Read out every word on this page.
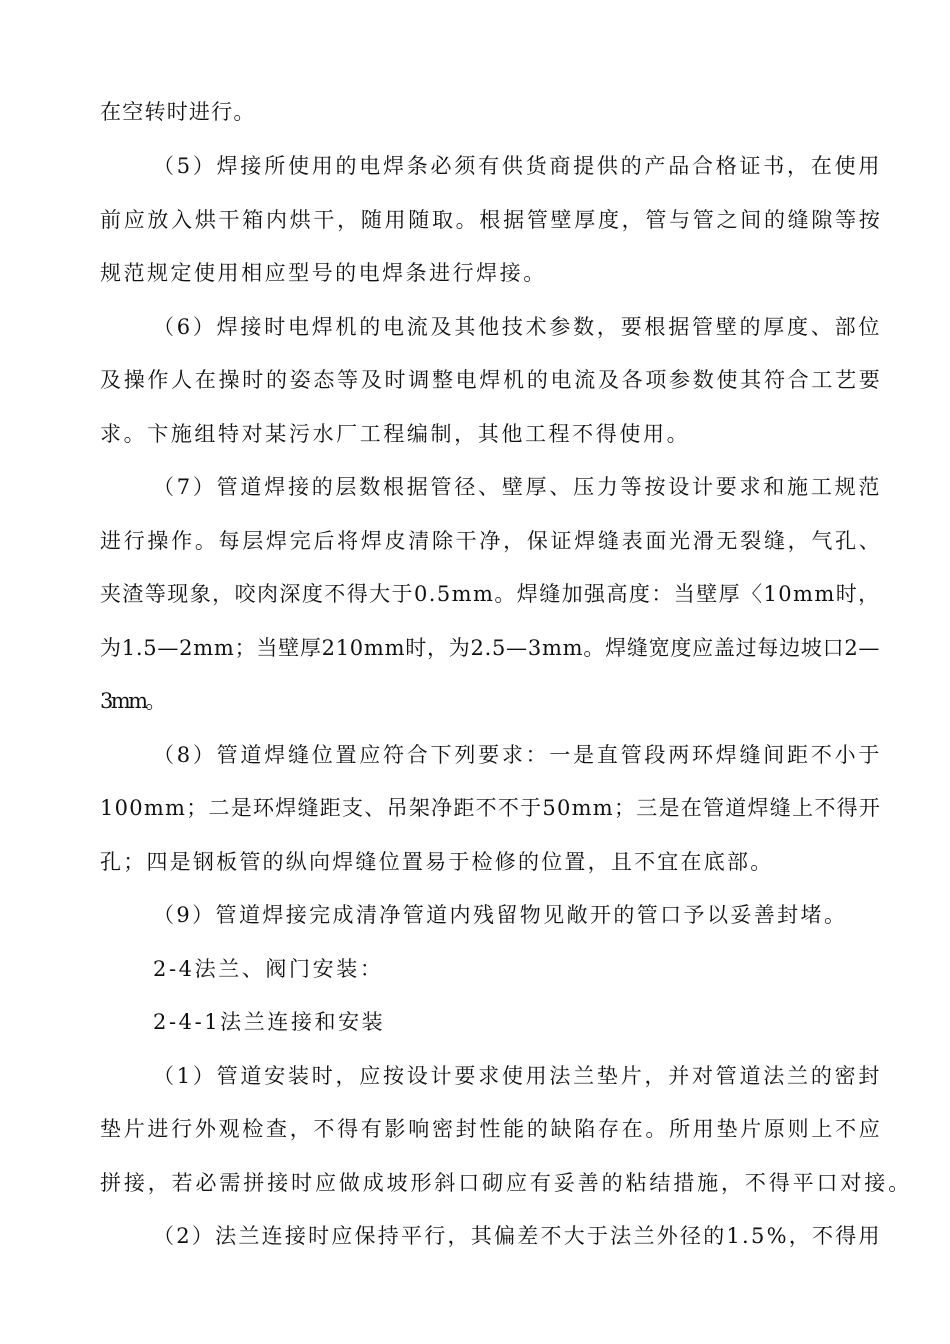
在空转时进行。
（5）焊接所使用的电焊条必须有供货商提供的产品合格证书，在使用
前应放入烘干箱内烘干，随用随取。根据管壁厚度，管与管之间的缝隙等按
规范规定使用相应型号的电焊条进行焊接。
（6）焊接时电焊机的电流及其他技术参数，要根据管壁的厚度、部位
及操作人在操时的姿态等及时调整电焊机的电流及各项参数使其符合工艺要
求。卞施组特对某污水厂工程编制，其他工程不得使用。
（7）管道焊接的层数根据管径、壁厚、压力等按设计要求和施工规范
进行操作。每层焊完后将焊皮清除干净，保证焊缝表面光滑无裂缝，气孔、
夹渣等现象，咬肉深度不得大于0.5mm。焊缝加强高度：当壁厚〈10mm时，
为1.5—2mm；当壁厚210mm时，为2.5—3mm。焊缝宽度应盖过每边坡口2—
3mm。
（8）管道焊缝位置应符合下列要求：一是直管段两环焊缝间距不小于
100mm；二是环焊缝距支、吊架净距不不于50mm；三是在管道焊缝上不得开
孔；四是钢板管的纵向焊缝位置易于检修的位置，且不宜在底部。
（9）管道焊接完成清净管道内残留物见敞开的管口予以妥善封堵。
2-4法兰、阀门安装：
2-4-1法兰连接和安装
（1）管道安装时，应按设计要求使用法兰垫片，并对管道法兰的密封
垫片进行外观检查，不得有影响密封性能的缺陷存在。所用垫片原则上不应
拼接，若必需拼接时应做成坡形斜口砌应有妥善的粘结措施，不得平口对接。
（2）法兰连接时应保持平行，其偏差不大于法兰外径的1.5%，不得用
